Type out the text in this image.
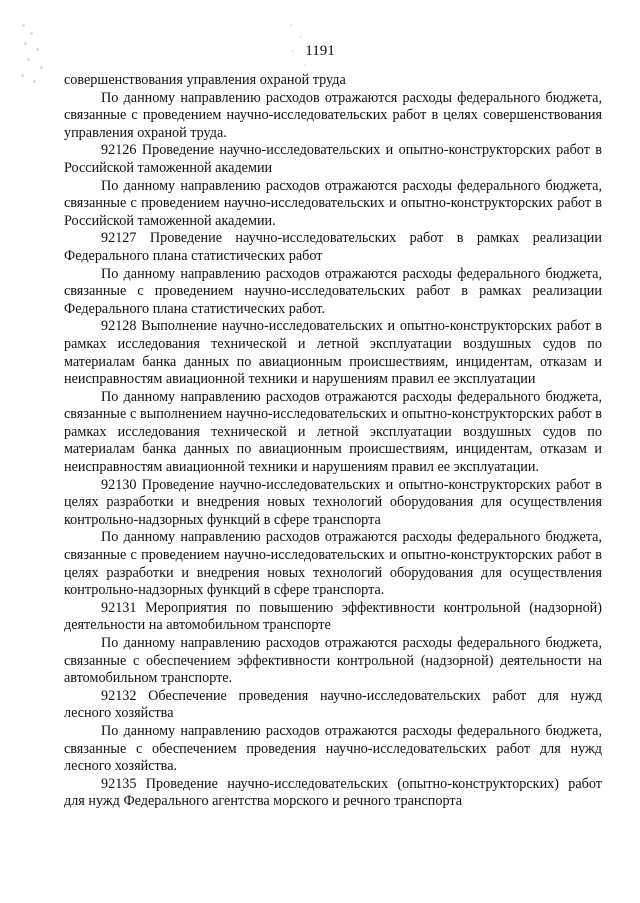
1191

совершенствования управления охраной труда

По данному направлению расходов отражаются расходы федерального бюджета, связанные с проведением научно-исследовательских работ в целях совершенствования управления охраной труда.

92126 Проведение научно-исследовательских и опытно-конструкторских работ в Российской таможенной академии

По данному направлению расходов отражаются расходы федерального бюджета, связанные с проведением научно-исследовательских и опытно-конструкторских работ в Российской таможенной академии.

92127 Проведение научно-исследовательских работ в рамках реализации Федерального плана статистических работ

По данному направлению расходов отражаются расходы федерального бюджета, связанные с проведением научно-исследовательских работ в рамках реализации Федерального плана статистических работ.

92128 Выполнение научно-исследовательских и опытно-конструкторских работ в рамках исследования технической и летной эксплуатации воздушных судов по материалам банка данных по авиационным происшествиям, инцидентам, отказам и неисправностям авиационной техники и нарушениям правил ее эксплуатации

По данному направлению расходов отражаются расходы федерального бюджета, связанные с выполнением научно-исследовательских и опытно-конструкторских работ в рамках исследования технической и летной эксплуатации воздушных судов по материалам банка данных по авиационным происшествиям, инцидентам, отказам и неисправностям авиационной техники и нарушениям правил ее эксплуатации.

92130 Проведение научно-исследовательских и опытно-конструкторских работ в целях разработки и внедрения новых технологий оборудования для осуществления контрольно-надзорных функций в сфере транспорта

По данному направлению расходов отражаются расходы федерального бюджета, связанные с проведением научно-исследовательских и опытно-конструкторских работ в целях разработки и внедрения новых технологий оборудования для осуществления контрольно-надзорных функций в сфере транспорта.

92131 Мероприятия по повышению эффективности контрольной (надзорной) деятельности на автомобильном транспорте

По данному направлению расходов отражаются расходы федерального бюджета, связанные с обеспечением эффективности контрольной (надзорной) деятельности на автомобильном транспорте.

92132 Обеспечение проведения научно-исследовательских работ для нужд лесного хозяйства

По данному направлению расходов отражаются расходы федерального бюджета, связанные с обеспечением проведения научно-исследовательских работ для нужд лесного хозяйства.

92135 Проведение научно-исследовательских (опытно-конструкторских) работ для нужд Федерального агентства морского и речного транспорта
